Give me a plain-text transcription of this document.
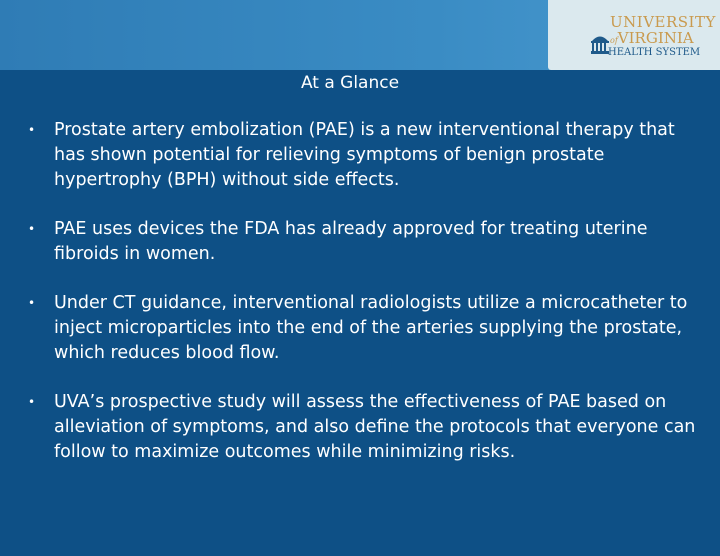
UNIVERSITY
ofVIRGINIA
HEALTH SYSTEM
At a Glance
• Prostate artery embolization (PAE) is a new interventional therapy that has shown potential for relieving symptoms of benign prostate hypertrophy (BPH) without side effects.
• PAE uses devices the FDA has already approved for treating uterine fibroids in women.
• Under CT guidance, interventional radiologists utilize a microcatheter to inject microparticles into the end of the arteries supplying the prostate, which reduces blood flow.
• UVA’s prospective study will assess the effectiveness of PAE based on alleviation of symptoms, and also define the protocols that everyone can follow to maximize outcomes while minimizing risks.
